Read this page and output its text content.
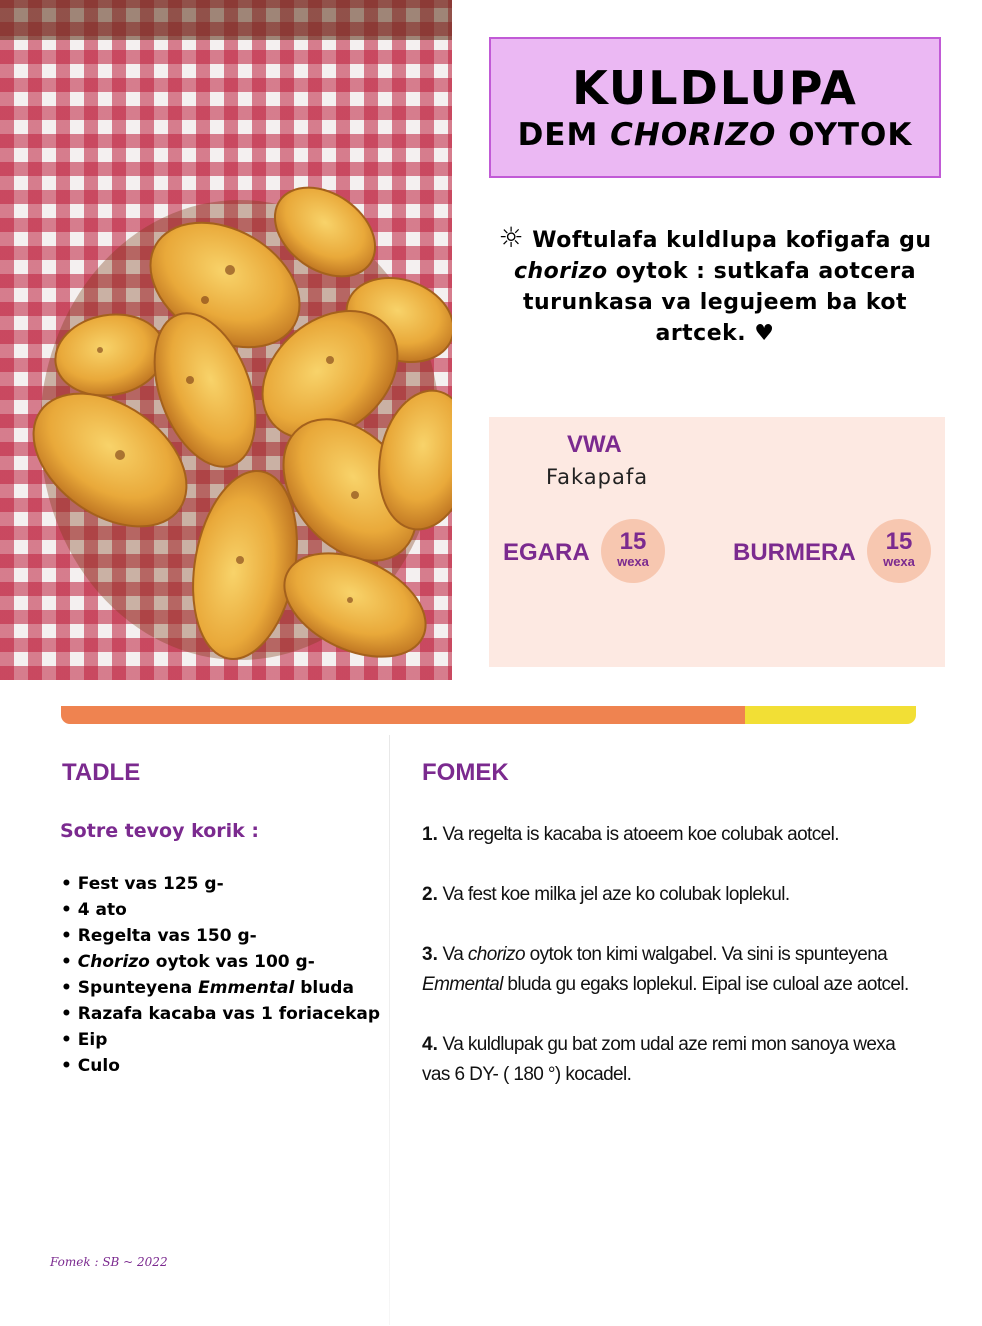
KULDLUPA
DEM CHORIZO OYTOK
☼ Woftulafa kuldlupa kofigafa gu chorizo oytok : sutkafa aotcera turunkasa va legujeem ba kot artcek. ♥
VWA
Fakapafa
EGARA	15
wexa	BURMERA	15
wexa
TADLE
Sotre tevoy korik :
• Fest vas 125 g-
• 4 ato
• Regelta vas 150 g-
• Chorizo oytok vas 100 g-
• Spunteyena Emmental bluda
• Razafa kacaba vas 1 foriacekap
• Eip
• Culo
FOMEK
1. Va regelta is kacaba is atoeem koe colubak aotcel.
2. Va fest koe milka jel aze ko colubak loplekul.
3. Va chorizo oytok ton kimi walgabel. Va sini is spunteyena Emmental bluda gu egaks loplekul. Eipal ise culoal aze aotcel.
4. Va kuldlupak gu bat zom udal aze remi mon sanoya wexa vas 6 DY- ( 180 °) kocadel.
Fomek : SB ~ 2022
